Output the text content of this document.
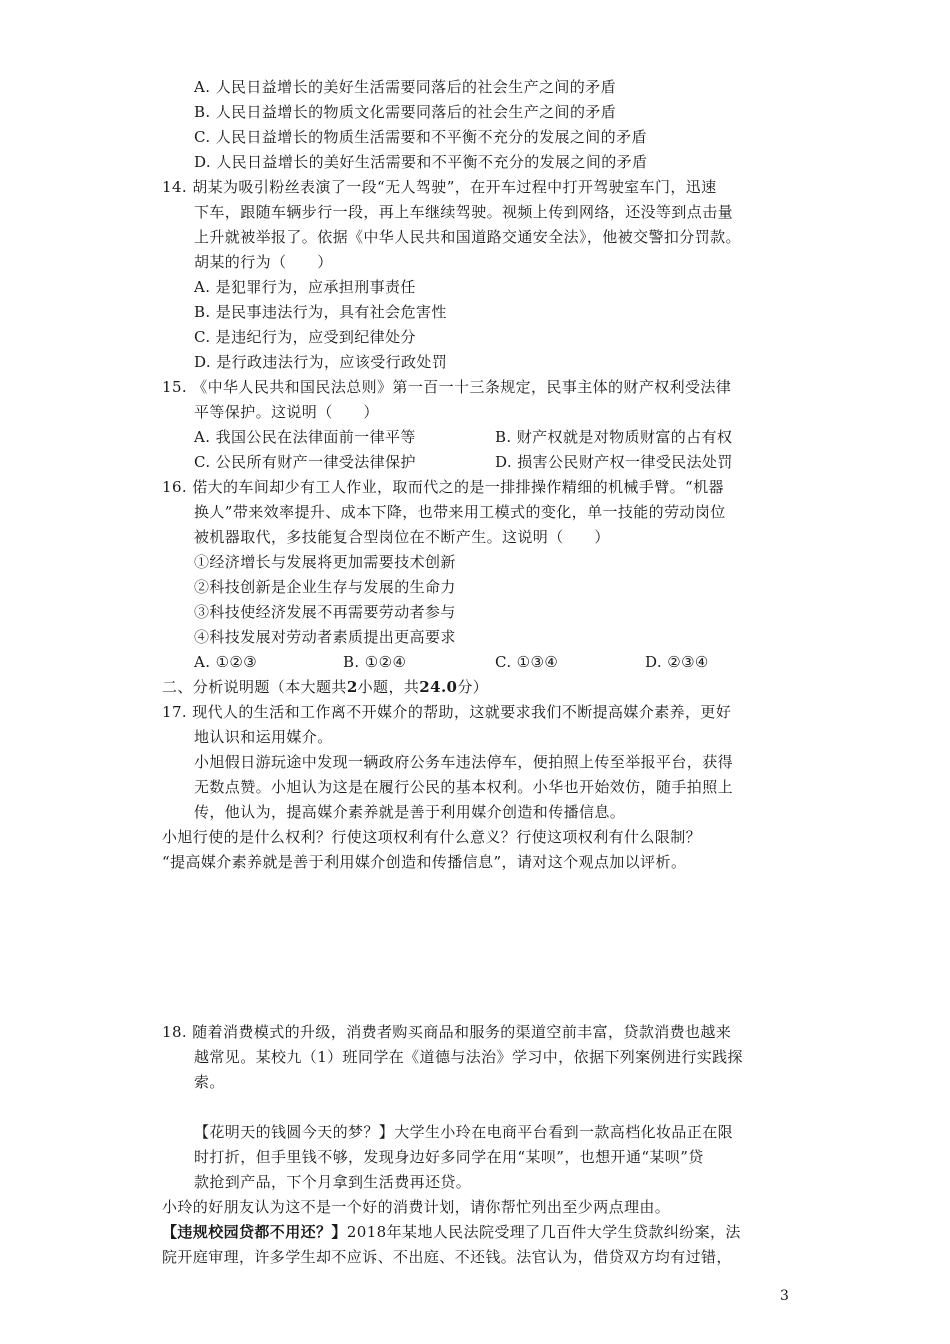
A. 人民日益增长的美好生活需要同落后的社会生产之间的矛盾
B. 人民日益增长的物质文化需要同落后的社会生产之间的矛盾
C. 人民日益增长的物质生活需要和不平衡不充分的发展之间的矛盾
D. 人民日益增长的美好生活需要和不平衡不充分的发展之间的矛盾
14. 胡某为吸引粉丝表演了一段“无人驾驶”，在开车过程中打开驾驶室车门，迅速
下车，跟随车辆步行一段，再上车继续驾驶。视频上传到网络，还没等到点击量
上升就被举报了。依据《中华人民共和国道路交通安全法》，他被交警扣分罚款。
胡某的行为（　　）
A. 是犯罪行为，应承担刑事责任
B. 是民事违法行为，具有社会危害性
C. 是违纪行为，应受到纪律处分
D. 是行政违法行为，应该受行政处罚
15. 《中华人民共和国民法总则》第一百一十三条规定，民事主体的财产权利受法律
平等保护。这说明（　　）
A. 我国公民在法律面前一律平等	B. 财产权就是对物质财富的占有权
C. 公民所有财产一律受法律保护	D. 损害公民财产权一律受民法处罚
16. 偌大的车间却少有工人作业，取而代之的是一排排操作精细的机械手臂。“机器
换人”带来效率提升、成本下降，也带来用工模式的变化，单一技能的劳动岗位
被机器取代，多技能复合型岗位在不断产生。这说明（　　）
①经济增长与发展将更加需要技术创新
②科技创新是企业生存与发展的生命力
③科技使经济发展不再需要劳动者参与
④科技发展对劳动者素质提出更高要求
A. ①②③	B. ①②④	C. ①③④	D. ②③④
二、分析说明题（本大题共2小题，共24.0分）
17. 现代人的生活和工作离不开媒介的帮助，这就要求我们不断提高媒介素养，更好
地认识和运用媒介。
小旭假日游玩途中发现一辆政府公务车违法停车，便拍照上传至举报平台，获得
无数点赞。小旭认为这是在履行公民的基本权利。小华也开始效仿，随手拍照上
传，他认为，提高媒介素养就是善于利用媒介创造和传播信息。
小旭行使的是什么权利？行使这项权利有什么意义？行使这项权利有什么限制？
“提高媒介素养就是善于利用媒介创造和传播信息”，请对这个观点加以评析。
18. 随着消费模式的升级，消费者购买商品和服务的渠道空前丰富，贷款消费也越来
越常见。某校九（1）班同学在《道德与法治》学习中，依据下列案例进行实践探
索。
【花明天的钱圆今天的梦？】大学生小玲在电商平台看到一款高档化妆品正在限
时打折，但手里钱不够，发现身边好多同学在用“某呗”，也想开通“某呗”贷
款抢到产品，下个月拿到生活费再还贷。
小玲的好朋友认为这不是一个好的消费计划，请你帮忙列出至少两点理由。
【违规校园贷都不用还？】2018年某地人民法院受理了几百件大学生贷款纠纷案，法
院开庭审理，许多学生却不应诉、不出庭、不还钱。法官认为，借贷双方均有过错，
3
